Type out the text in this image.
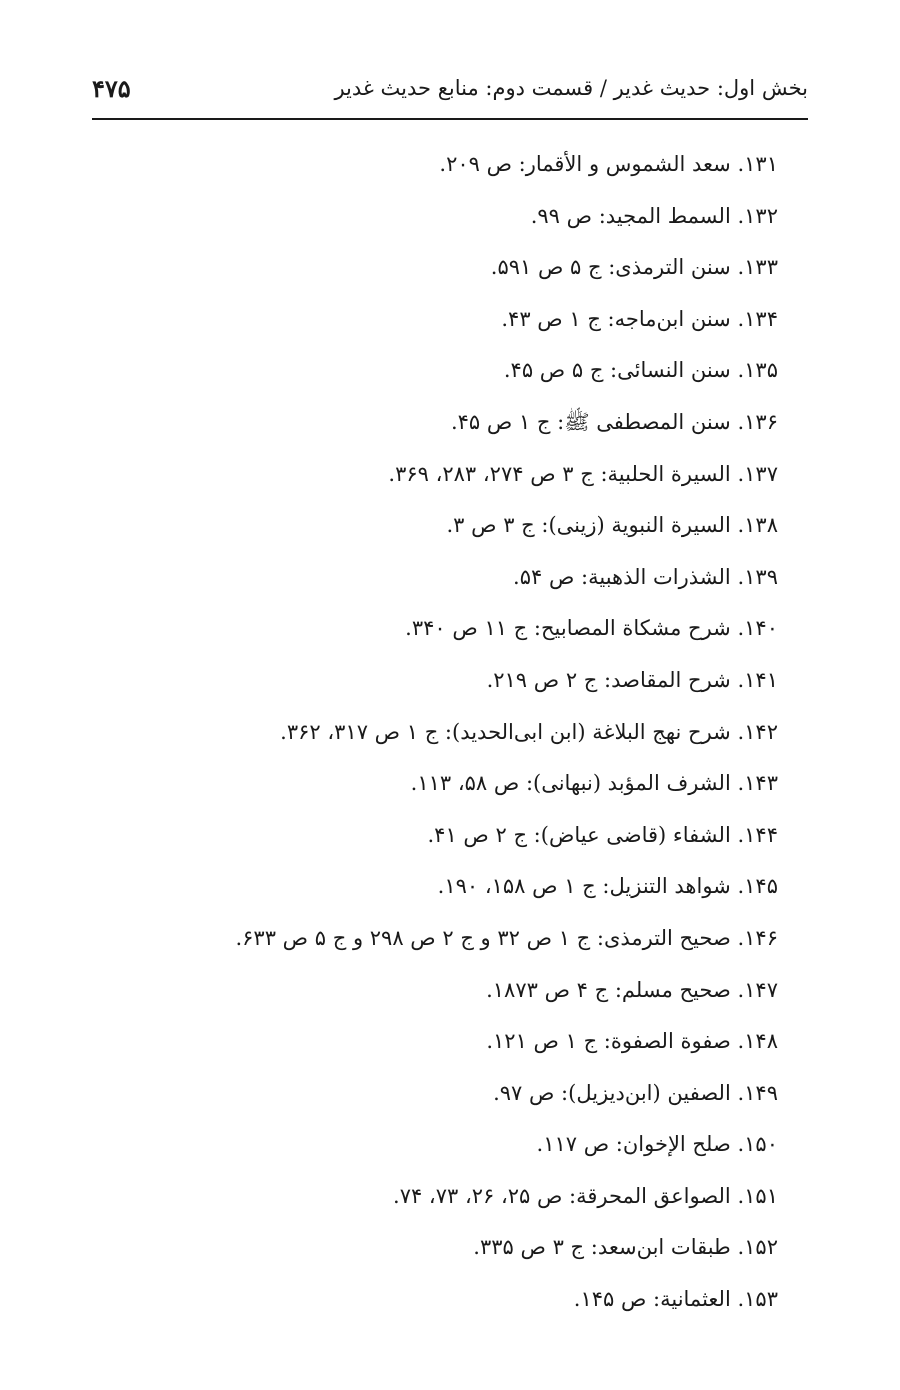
بخش اول: حدیث غدیر / قسمت دوم: منابع حدیث غدیر
۴۷۵
۱۳۱. سعد الشموس و الأقمار: ص ۲۰۹.
۱۳۲. السمط المجید: ص ۹۹.
۱۳۳. سنن الترمذی: ج ۵ ص ۵۹۱.
۱۳۴. سنن ابن‌ماجه: ج ۱ ص ۴۳.
۱۳۵. سنن النسائی: ج ۵ ص ۴۵.
۱۳۶. سنن المصطفی ﷺ: ج ۱ ص ۴۵.
۱۳۷. السیرة الحلبیة: ج ۳ ص ۲۷۴، ۲۸۳، ۳۶۹.
۱۳۸. السیرة النبویة (زینی): ج ۳ ص ۳.
۱۳۹. الشذرات الذهبیة: ص ۵۴.
۱۴۰. شرح مشکاة المصابیح: ج ۱۱ ص ۳۴۰.
۱۴۱. شرح المقاصد: ج ۲ ص ۲۱۹.
۱۴۲. شرح نهج البلاغة (ابن ابی‌الحدید): ج ۱ ص ۳۱۷، ۳۶۲.
۱۴۳. الشرف المؤبد (نبهانی): ص ۵۸، ۱۱۳.
۱۴۴. الشفاء (قاضی عیاض): ج ۲ ص ۴۱.
۱۴۵. شواهد التنزیل: ج ۱ ص ۱۵۸، ۱۹۰.
۱۴۶. صحیح الترمذی: ج ۱ ص ۳۲ و ج ۲ ص ۲۹۸ و ج ۵ ص ۶۳۳.
۱۴۷. صحیح مسلم: ج ۴ ص ۱۸۷۳.
۱۴۸. صفوة الصفوة: ج ۱ ص ۱۲۱.
۱۴۹. الصفین (ابن‌دیزیل): ص ۹۷.
۱۵۰. صلح الإخوان: ص ۱۱۷.
۱۵۱. الصواعق المحرقة: ص ۲۵، ۲۶، ۷۳، ۷۴.
۱۵۲. طبقات ابن‌سعد: ج ۳ ص ۳۳۵.
۱۵۳. العثمانیة: ص ۱۴۵.
